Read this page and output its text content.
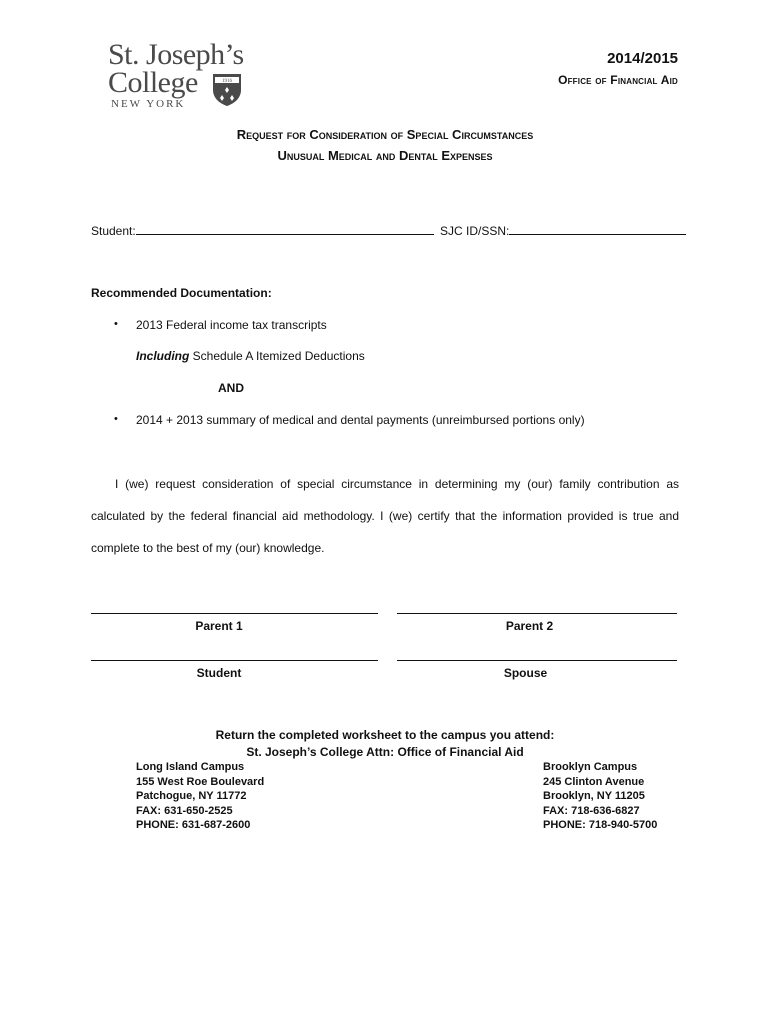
St. Joseph’s
College
NEW YORK
1916
2014/2015
Office of Financial Aid
Request for Consideration of Special Circumstances
Unusual Medical and Dental Expenses
Student:	SJC ID/SSN:
Recommended Documentation:
• 2013 Federal income tax transcripts
Including Schedule A Itemized Deductions
AND
• 2014 + 2013 summary of medical and dental payments (unreimbursed portions only)
I (we) request consideration of special circumstance in determining my (our) family contribution as calculated by the federal financial aid methodology. I (we) certify that the information provided is true and complete to the best of my (our) knowledge.
Parent 1	Parent 2
Student	Spouse
Return the completed worksheet to the campus you attend:
St. Joseph’s College Attn: Office of Financial Aid
Long Island Campus
155 West Roe Boulevard
Patchogue, NY 11772
FAX: 631-650-2525
PHONE: 631-687-2600
Brooklyn Campus
245 Clinton Avenue
Brooklyn, NY 11205
FAX: 718-636-6827
PHONE: 718-940-5700
